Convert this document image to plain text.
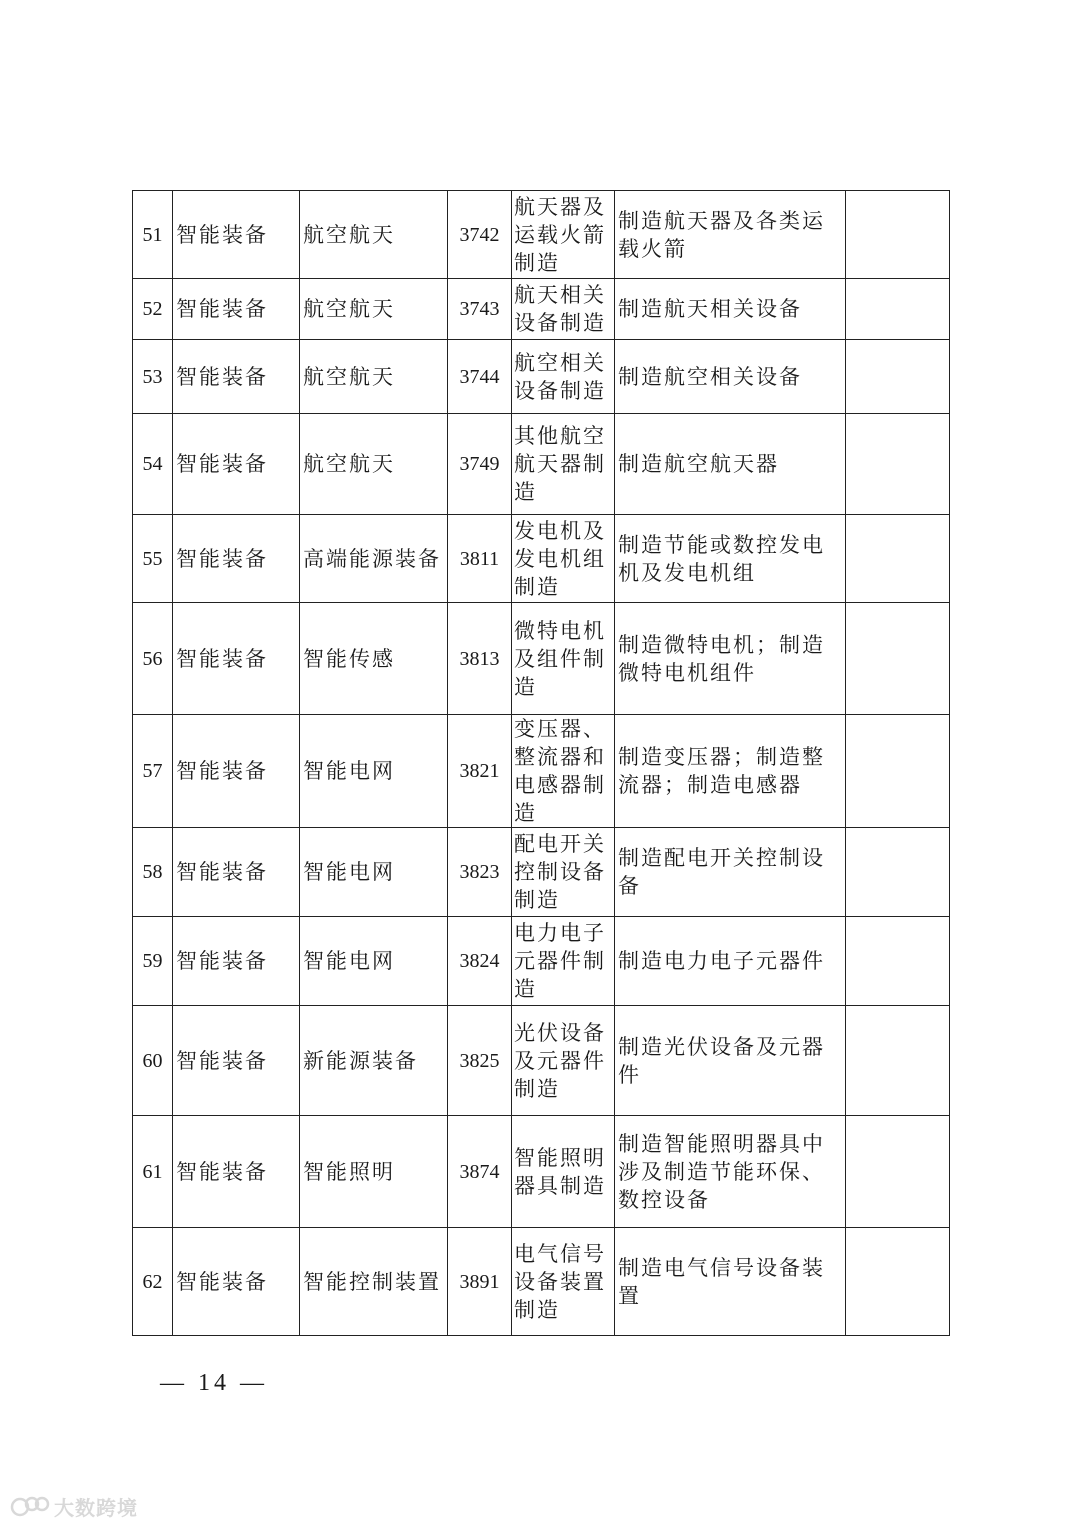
51	智能装备	航空航天	3742	航天器及运载火箭制造	制造航天器及各类运载火箭	
52	智能装备	航空航天	3743	航天相关设备制造	制造航天相关设备	
53	智能装备	航空航天	3744	航空相关设备制造	制造航空相关设备	
54	智能装备	航空航天	3749	其他航空航天器制造	制造航空航天器	
55	智能装备	高端能源装备	3811	发电机及发电机组制造	制造节能或数控发电机及发电机组	
56	智能装备	智能传感	3813	微特电机及组件制造	制造微特电机；制造微特电机组件	
57	智能装备	智能电网	3821	变压器、整流器和电感器制造	制造变压器；制造整流器；制造电感器	
58	智能装备	智能电网	3823	配电开关控制设备制造	制造配电开关控制设备	
59	智能装备	智能电网	3824	电力电子元器件制造	制造电力电子元器件	
60	智能装备	新能源装备	3825	光伏设备及元器件制造	制造光伏设备及元器件	
61	智能装备	智能照明	3874	智能照明器具制造	制造智能照明器具中涉及制造节能环保、数控设备	
62	智能装备	智能控制装置	3891	电气信号设备装置制造	制造电气信号设备装置	
— 14 —
大数跨境
